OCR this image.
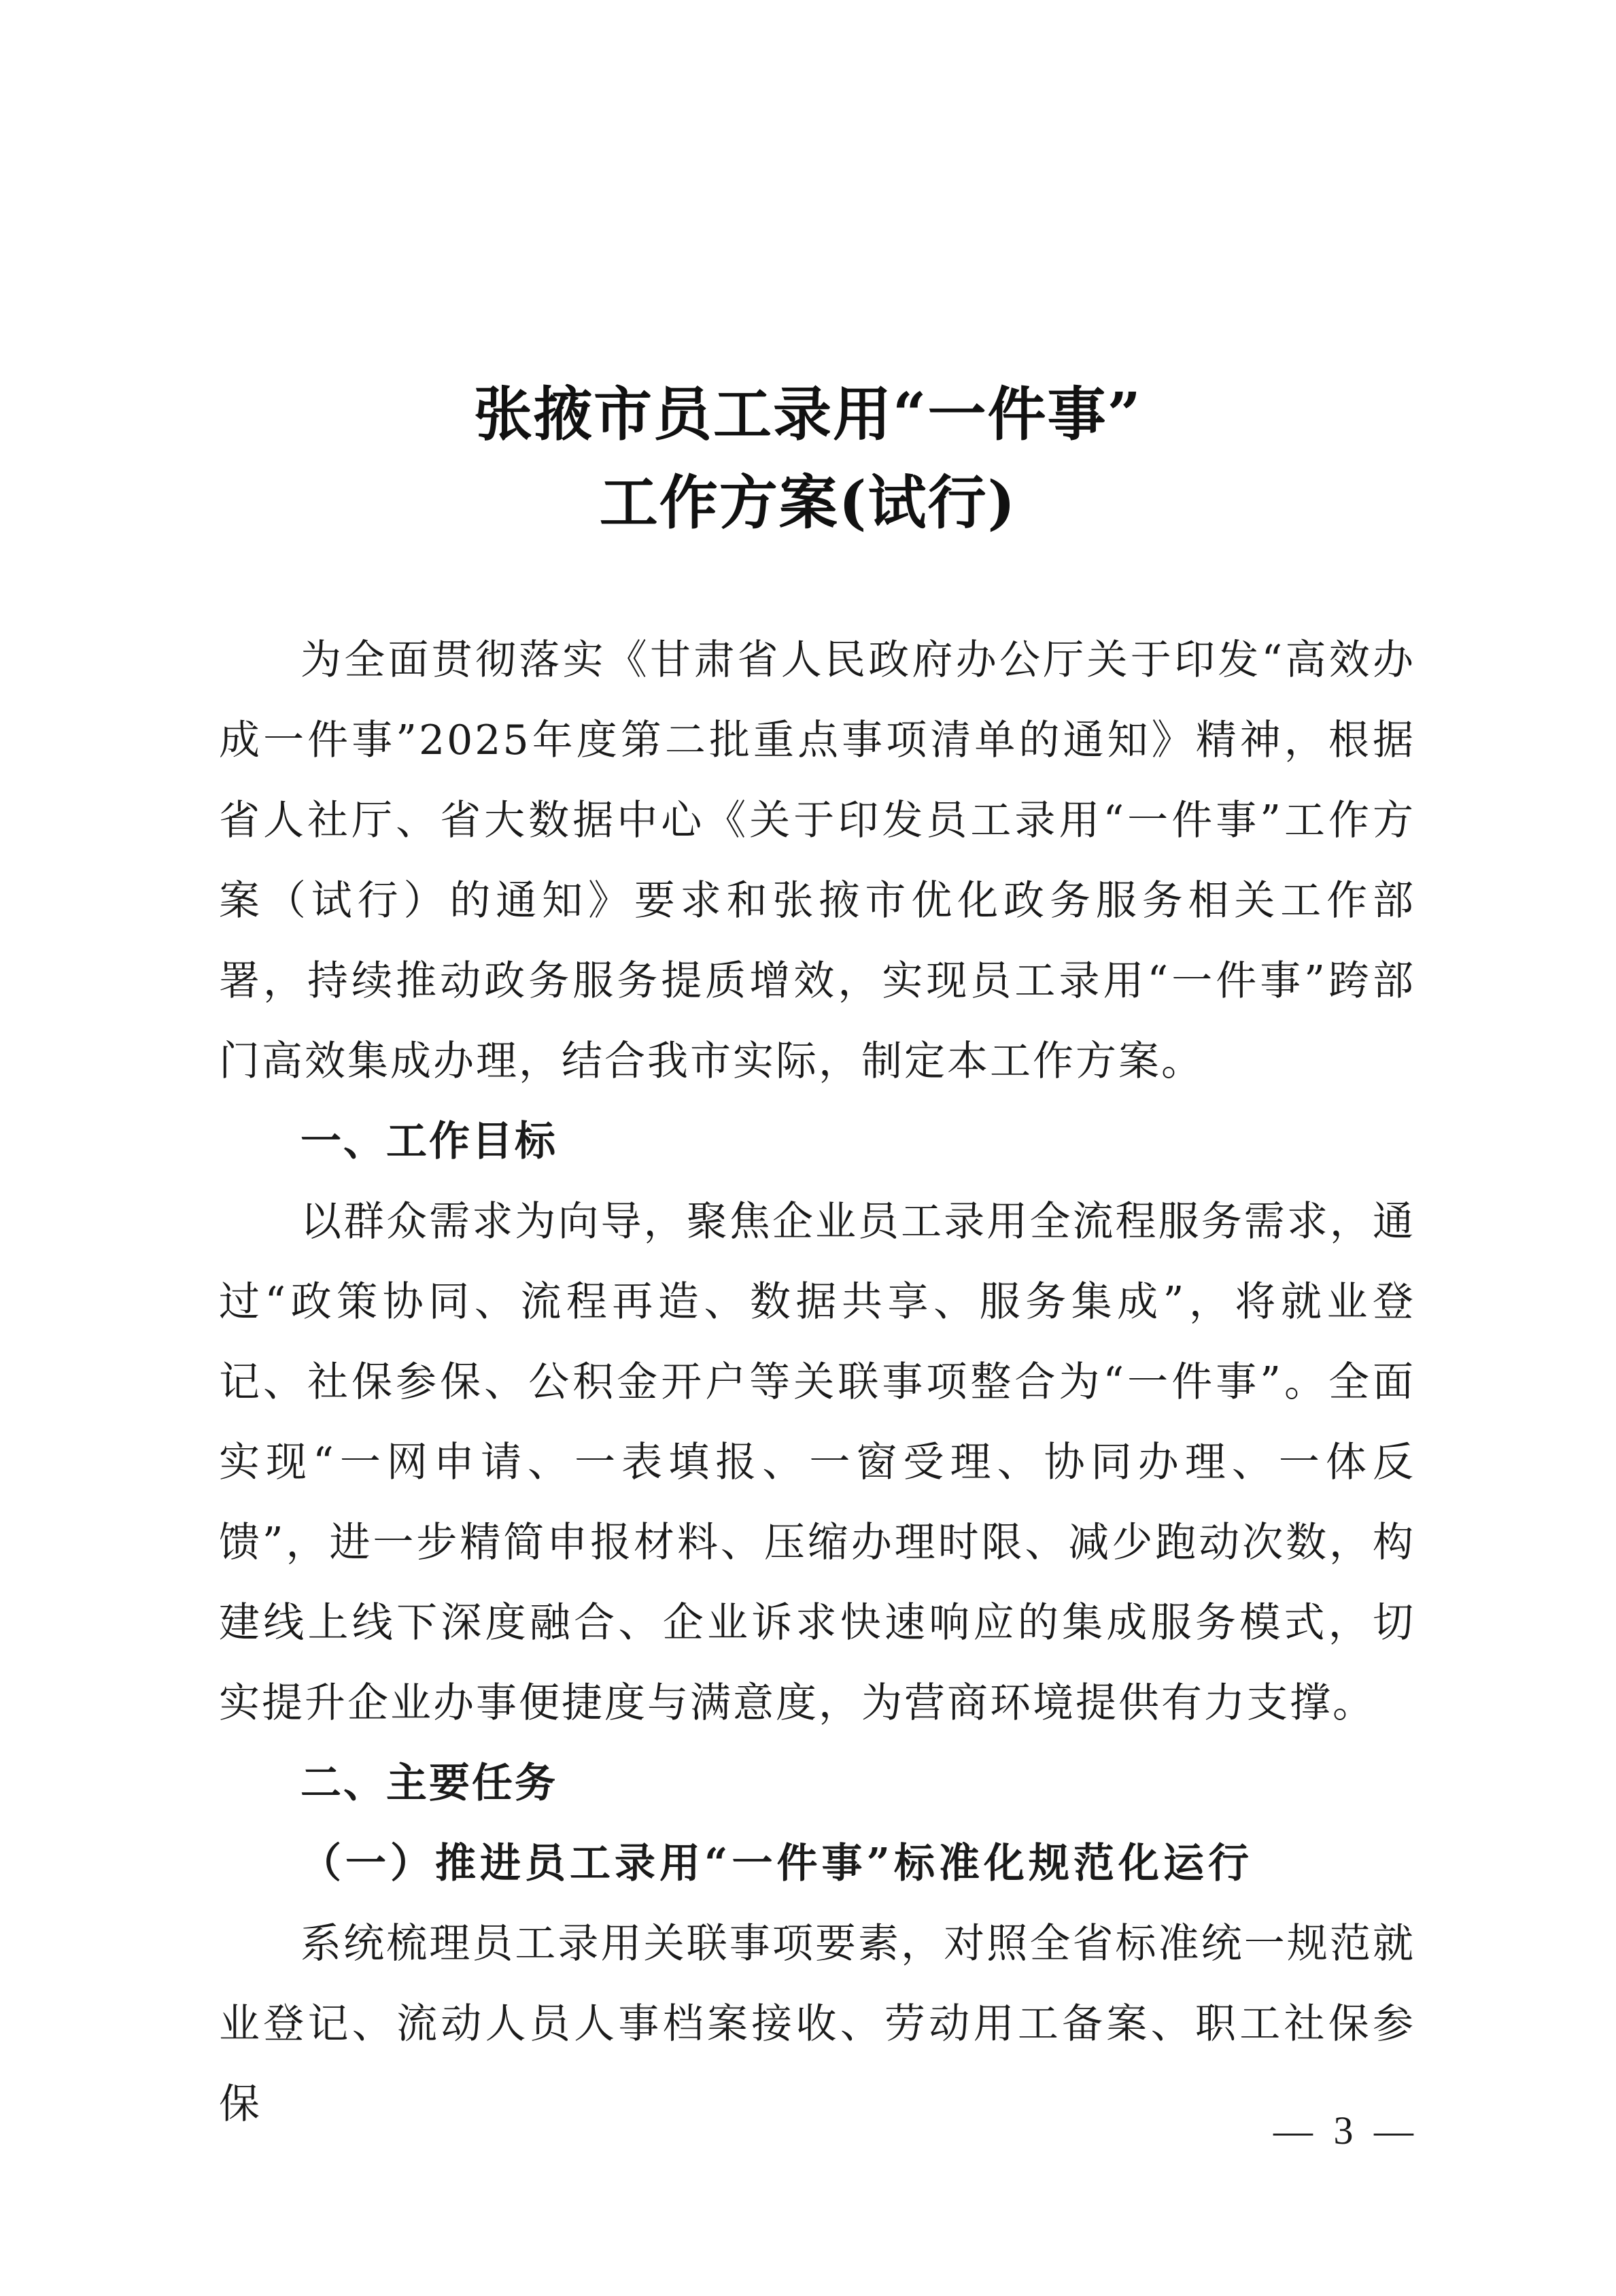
张掖市员工录用“一件事”
工作方案(试行)

为全面贯彻落实《甘肃省人民政府办公厅关于印发“高效办成一件事”2025年度第二批重点事项清单的通知》精神，根据省人社厅、省大数据中心《关于印发员工录用“一件事”工作方案（试行）的通知》要求和张掖市优化政务服务相关工作部署，持续推动政务服务提质增效，实现员工录用“一件事”跨部门高效集成办理，结合我市实际，制定本工作方案。

一、工作目标

以群众需求为向导，聚焦企业员工录用全流程服务需求，通过“政策协同、流程再造、数据共享、服务集成”，将就业登记、社保参保、公积金开户等关联事项整合为“一件事”。全面实现“一网申请、一表填报、一窗受理、协同办理、一体反馈”，进一步精简申报材料、压缩办理时限、减少跑动次数，构建线上线下深度融合、企业诉求快速响应的集成服务模式，切实提升企业办事便捷度与满意度，为营商环境提供有力支撑。

二、主要任务

（一）推进员工录用“一件事”标准化规范化运行

系统梳理员工录用关联事项要素，对照全省标准统一规范就业登记、流动人员人事档案接收、劳动用工备案、职工社保参保

— 3 —
